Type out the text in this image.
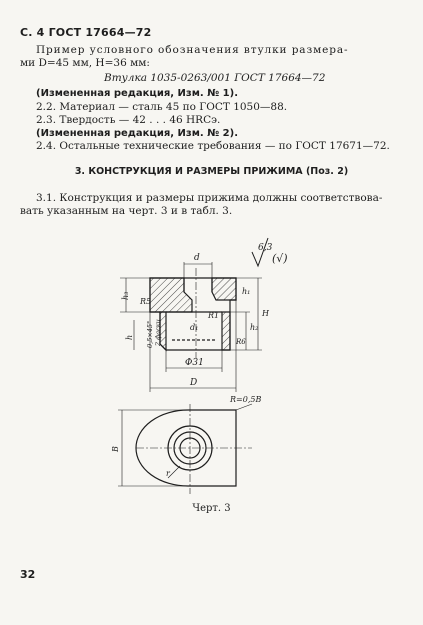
С. 4 ГОСТ 17664—72
Пример условного обозначения втулки размера-
ми D=45 мм, H=36 мм:
Втулка 1035-0263/001 ГОСТ 17664—72
(Измененная редакция, Изм. № 1).
2.2. Материал — сталь 45 по ГОСТ 1050—88.
2.3. Твердость — 42 . . . 46 HRCэ.
(Измененная редакция, Изм. № 2).
2.4. Остальные технические требования — по ГОСТ 17671—72.
3. КОНСТРУКЦИЯ И РАЗМЕРЫ ПРИЖИМА (Поз. 2)
3.1. Конструкция и размеры прижима должны соответствова-
вать указанным на черт. 3 и в табл. 3.
6,3
(√)
d
h₃
R5
R1
d₁
h
h₂
H
h₁
0,5×45° 2 фаски	R6
Φ31
D
R=0,5B
B
r
Черт. 3
32
